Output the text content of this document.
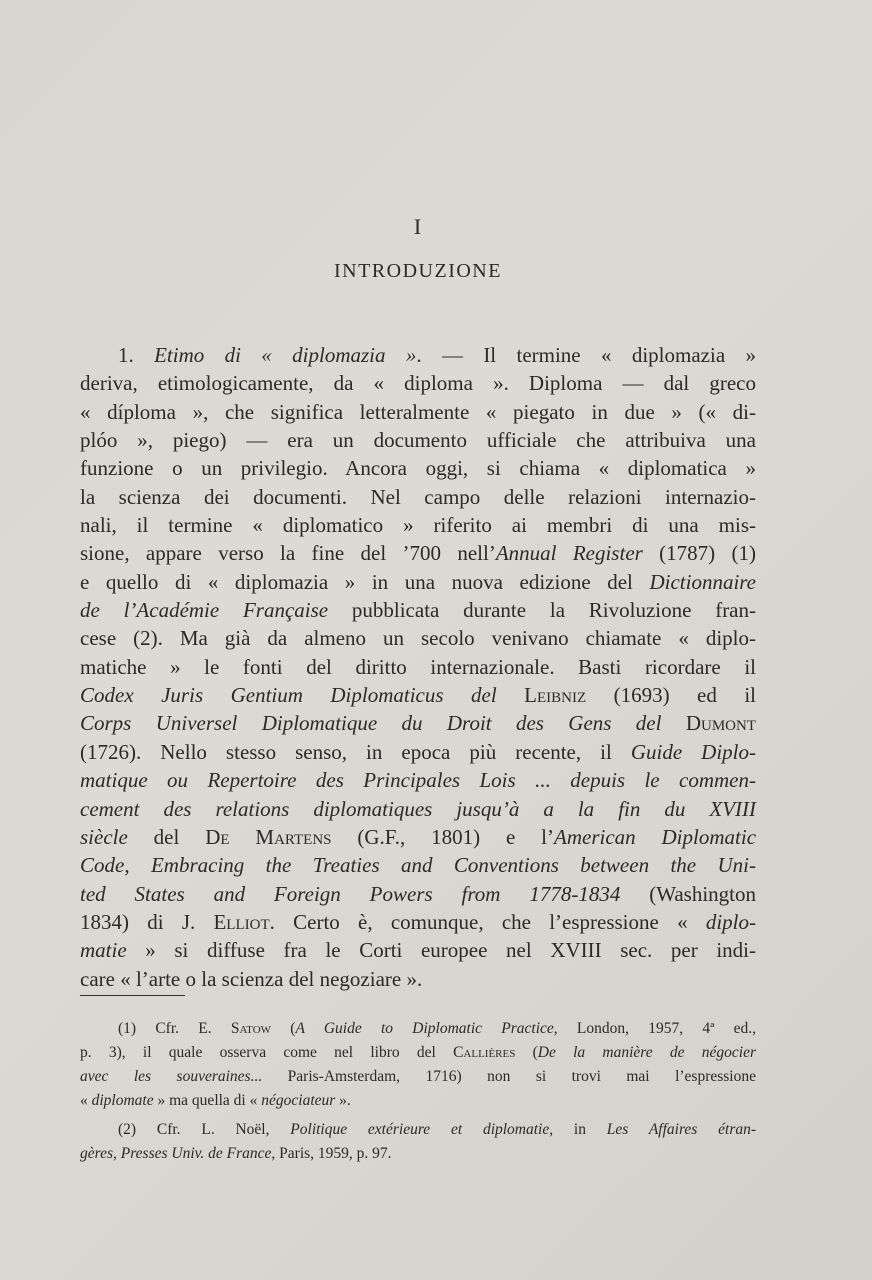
I
INTRODUZIONE
1. Etimo di « diplomazia ». — Il termine « diplomazia »
deriva, etimologicamente, da « diploma ». Diploma — dal greco
« díploma », che significa letteralmente « piegato in due » (« di-
plóo », piego) — era un documento ufficiale che attribuiva una
funzione o un privilegio. Ancora oggi, si chiama « diplomatica »
la scienza dei documenti. Nel campo delle relazioni internazio-
nali, il termine « diplomatico » riferito ai membri di una mis-
sione, appare verso la fine del ’700 nell’Annual Register (1787) (1)
e quello di « diplomazia » in una nuova edizione del Dictionnaire
de l’Académie Française pubblicata durante la Rivoluzione fran-
cese (2). Ma già da almeno un secolo venivano chiamate « diplo-
matiche » le fonti del diritto internazionale. Basti ricordare il
Codex Juris Gentium Diplomaticus del Leibniz (1693) ed il
Corps Universel Diplomatique du Droit des Gens del Dumont
(1726). Nello stesso senso, in epoca più recente, il Guide Diplo-
matique ou Repertoire des Principales Lois ... depuis le commen-
cement des relations diplomatiques jusqu’à a la fin du XVIII
siècle del De Martens (G.F., 1801) e l’American Diplomatic
Code, Embracing the Treaties and Conventions between the Uni-
ted States and Foreign Powers from 1778-1834 (Washington
1834) di J. Elliot. Certo è, comunque, che l’espressione « diplo-
matie » si diffuse fra le Corti europee nel XVIII sec. per indi-
care « l’arte o la scienza del negoziare ».
(1) Cfr. E. Satow (A Guide to Diplomatic Practice, London, 1957, 4ª ed.,
p. 3), il quale osserva come nel libro del Callières (De la manière de négocier
avec les souveraines... Paris-Amsterdam, 1716) non si trovi mai l’espressione
« diplomate » ma quella di « négociateur ».
(2) Cfr. L. Noël, Politique extérieure et diplomatie, in Les Affaires étran-
gères, Presses Univ. de France, Paris, 1959, p. 97.
